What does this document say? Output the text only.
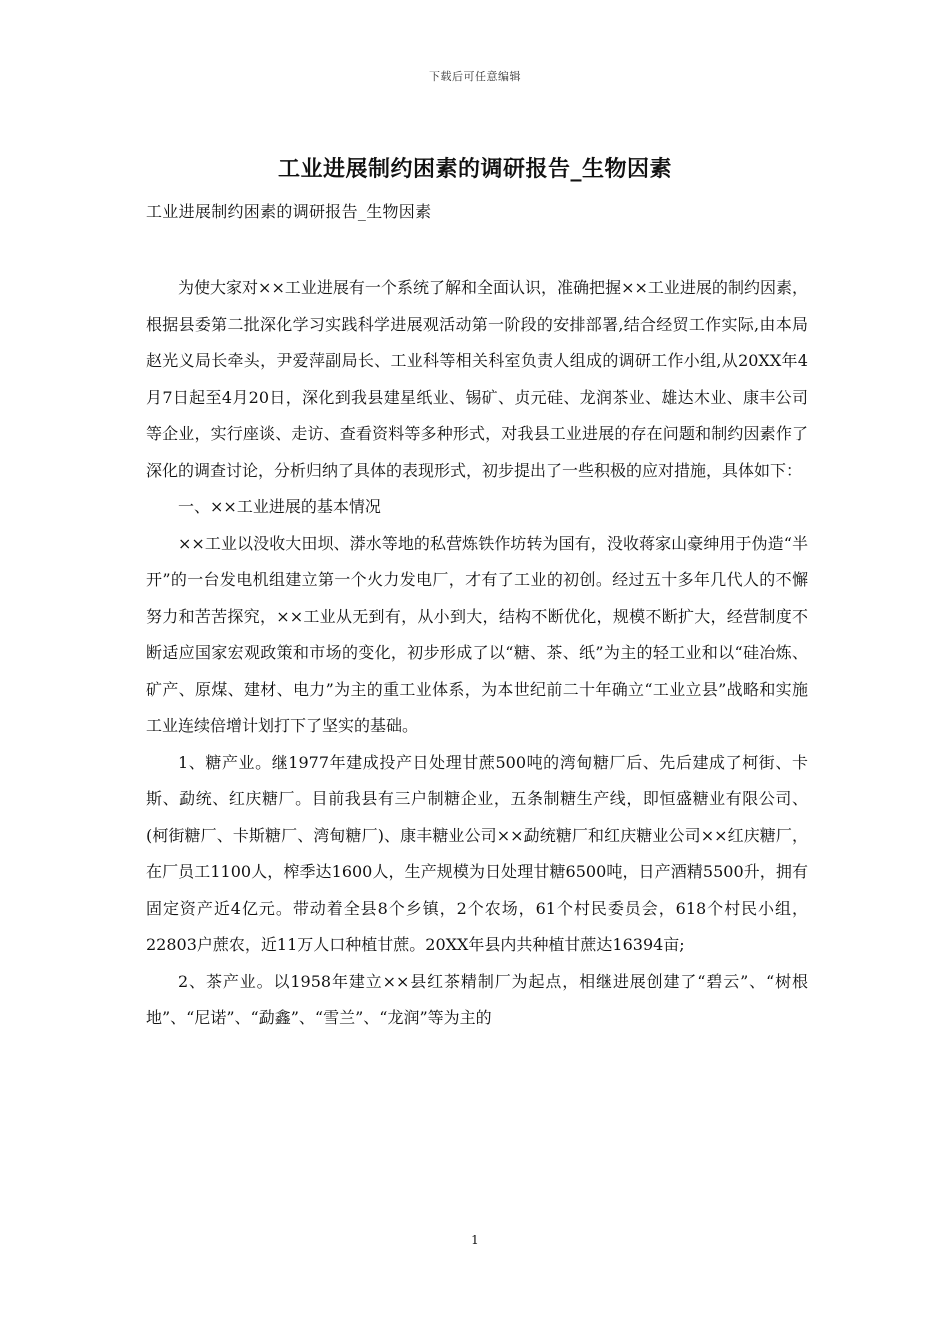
下载后可任意编辑
工业进展制约困素的调研报告_生物因素
工业进展制约困素的调研报告_生物因素

为使大家对××工业进展有一个系统了解和全面认识，准确把握××工业进展的制约因素，根据县委第二批深化学习实践科学进展观活动第一阶段的安排部署,结合经贸工作实际,由本局赵光义局长牵头，尹爱萍副局长、工业科等相关科室负责人组成的调研工作小组,从20XX年4月7日起至4月20日，深化到我县建星纸业、锡矿、贞元硅、龙润茶业、雄达木业、康丰公司等企业，实行座谈、走访、查看资料等多种形式，对我县工业进展的存在问题和制约因素作了深化的调查讨论，分析归纳了具体的表现形式，初步提出了一些积极的应对措施，具体如下：

一、××工业进展的基本情况

××工业以没收大田坝、漭水等地的私营炼铁作坊转为国有，没收蒋家山豪绅用于伪造“半开”的一台发电机组建立第一个火力发电厂，才有了工业的初创。经过五十多年几代人的不懈努力和苦苦探究，××工业从无到有，从小到大，结构不断优化，规模不断扩大，经营制度不断适应国家宏观政策和市场的变化，初步形成了以“糖、茶、纸”为主的轻工业和以“硅冶炼、矿产、原煤、建材、电力”为主的重工业体系，为本世纪前二十年确立“工业立县”战略和实施工业连续倍增计划打下了坚实的基础。

1、糖产业。继1977年建成投产日处理甘蔗500吨的湾甸糖厂后、先后建成了柯街、卡斯、勐统、红庆糖厂。目前我县有三户制糖企业，五条制糖生产线，即恒盛糖业有限公司、(柯街糖厂、卡斯糖厂、湾甸糖厂)、康丰糖业公司××勐统糖厂和红庆糖业公司××红庆糖厂，在厂员工1100人，榨季达1600人，生产规模为日处理甘糖6500吨，日产酒精5500升，拥有固定资产近4亿元。带动着全县8个乡镇，2个农场，61个村民委员会，618个村民小组，22803户蔗农，近11万人口种植甘蔗。20XX年县内共种植甘蔗达16394亩;

2、茶产业。以1958年建立××县红茶精制厂为起点，相继进展创建了“碧云”、“树根地”、“尼诺”、“勐鑫”、“雪兰”、“龙润”等为主的

1
